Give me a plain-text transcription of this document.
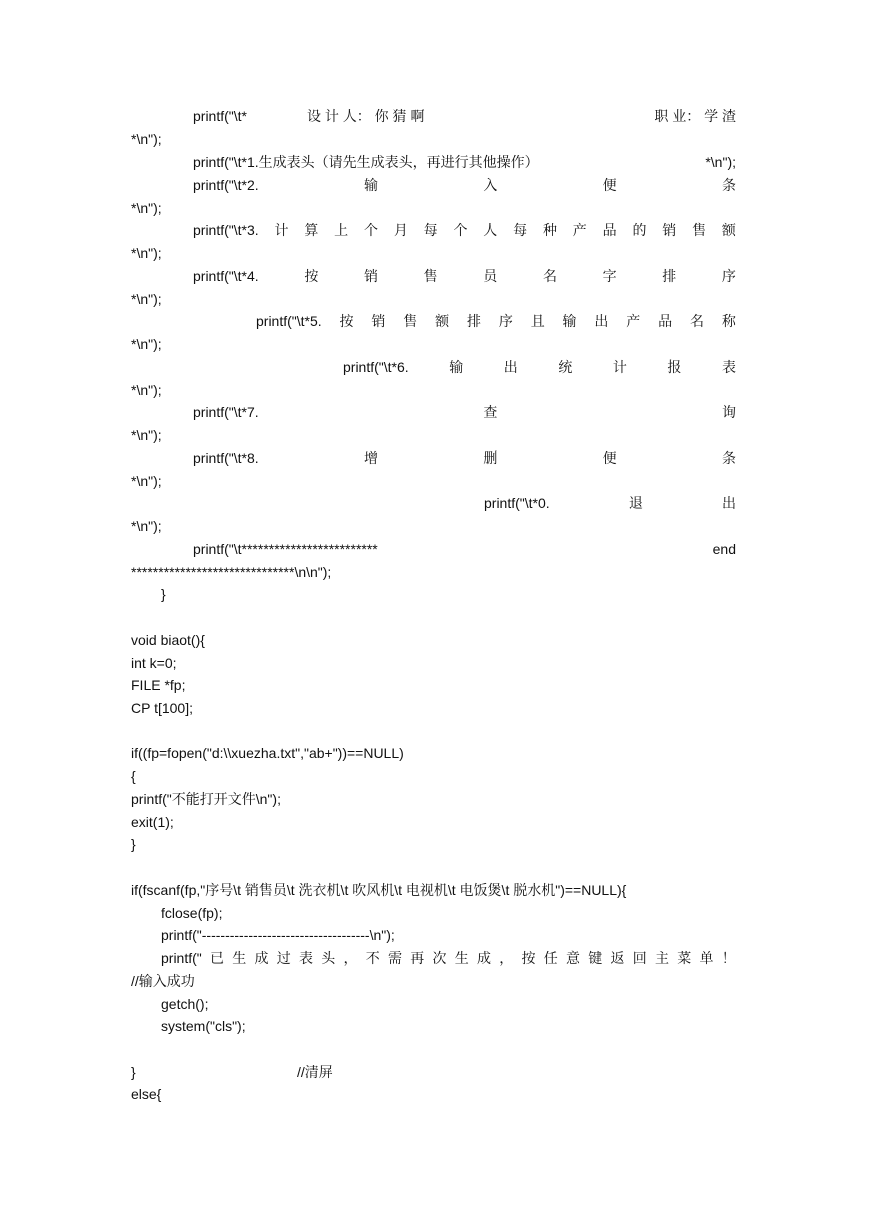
printf("\t*	设 计 人： 你 猜 啊	职 业： 学 渣
*\n");
printf("\t*1.生成表头（请先生成表头，再进行其他操作）	*\n");
printf("\t*2.	输	入	便	条
*\n");
printf("\t*3. 计 算 上 个 月 每 个 人 每 种 产 品 的 销 售 额
*\n");
printf("\t*4.	按	销	售	员	名	字	排	序
*\n");
printf("\t*5. 按 销 售 额 排 序 且 输 出 产 品 名 称
*\n");
printf("\t*6.	输	出	统	计	报	表
*\n");
printf("\t*7.	查	询
*\n");
printf("\t*8.	增	删	便	条
*\n");
printf("\t*0.	退	出
*\n");
printf("\t*************************	end
******************************\n\n");
}
void biaot(){
int k=0;
FILE *fp;
CP t[100];
if((fp=fopen("d:\\xuezha.txt","ab+"))==NULL)
{
printf("不能打开文件\n");
exit(1);
}
if(fscanf(fp,"序号\t 销售员\t 洗衣机\t 吹风机\t 电视机\t 电饭煲\t 脱水机")==NULL){
fclose(fp);
printf("------------------------------------\n");
printf(" 已 生 成 过 表 头 ， 不 需 再 次 生 成 ， 按 任 意 键 返 回 主 菜 单 ！
//输入成功
getch();
system("cls");
}	//清屏
else{
